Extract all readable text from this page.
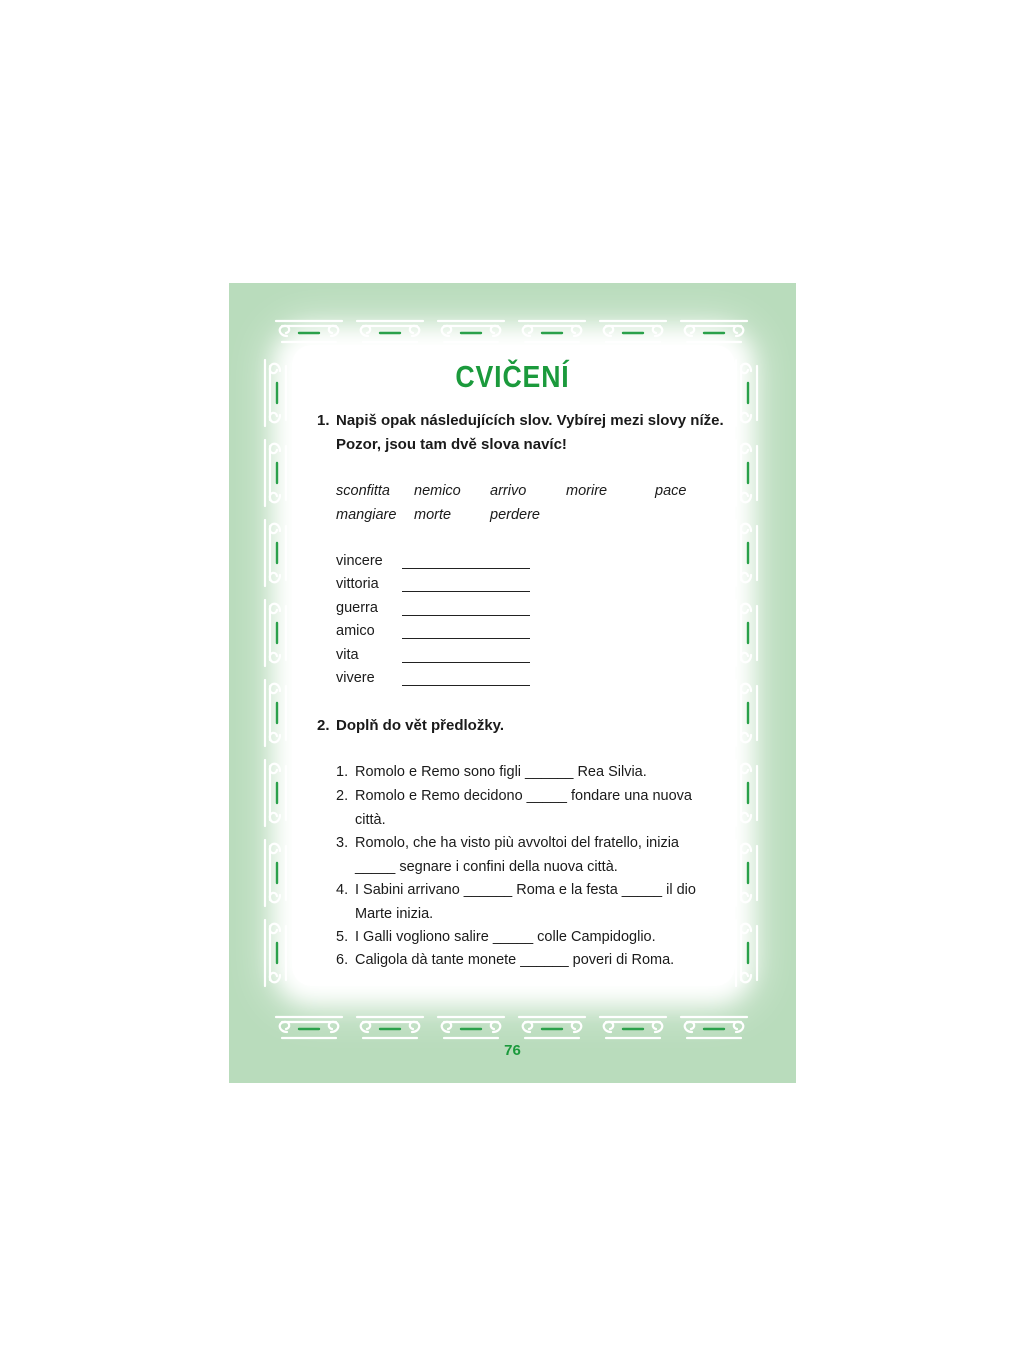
CVIČENÍ
1. Napiš opak následujících slov. Vybírej mezi slovy níže.
Pozor, jsou tam dvě slova navíc!
sconfitta nemico arrivo	morire	pace
mangiare morte	perdere
vincere
vittoria
guerra
amico
vita
vivere
2. Doplň do vět předložky.
1. Romolo e Remo sono figli ______ Rea Silvia.
2. Romolo e Remo decidono _____ fondare una nuova
città.
3. Romolo, che ha visto più avvoltoi del fratello, inizia
_____ segnare i confini della nuova città.
4. I Sabini arrivano ______ Roma e la festa _____ il dio
Marte inizia.
5. I Galli vogliono salire _____ colle Campidoglio.
6. Caligola dà tante monete ______ poveri di Roma.
76
